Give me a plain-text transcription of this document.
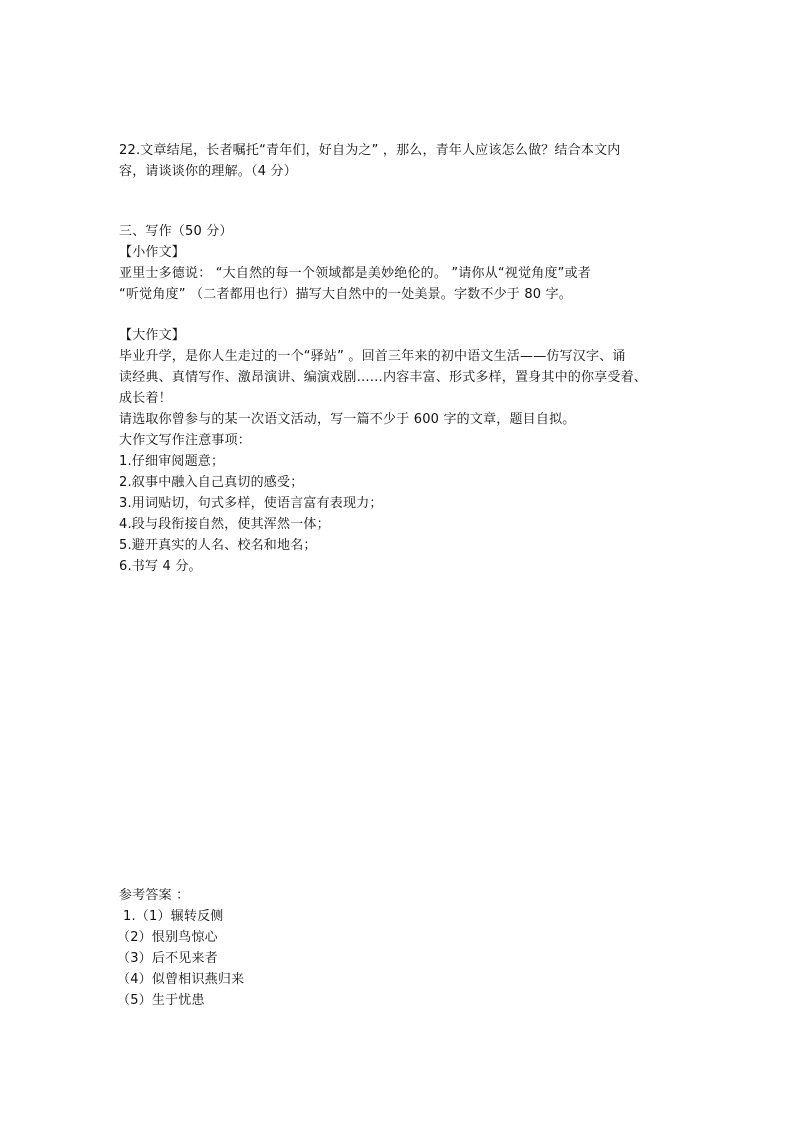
22.文章结尾，长者嘱托“青年们，好自为之” ，那么，青年人应该怎么做？结合本文内
容，请谈谈你的理解。（4 分）
三、写作（50 分）
【小作文】
亚里士多德说： “大自然的每一个领域都是美妙绝伦的。 ”请你从“视觉角度”或者
“听觉角度” （二者都用也行）描写大自然中的一处美景。字数不少于 80 字。
【大作文】
毕业升学，是你人生走过的一个“驿站” 。回首三年来的初中语文生活——仿写汉字、诵
读经典、真情写作、激昂演讲、编演戏剧……内容丰富、形式多样，置身其中的你享受着、
成长着！
请选取你曾参与的某一次语文活动，写一篇不少于 600 字的文章，题目自拟。
大作文写作注意事项：
1.仔细审阅题意；
2.叙事中融入自己真切的感受；
3.用词贴切，句式多样，使语言富有表现力；
4.段与段衔接自然，使其浑然一体；
5.避开真实的人名、校名和地名；
6.书写 4 分。
参考答案 ：
1.（1）辗转反侧
（2）恨别鸟惊心
（3）后不见来者
（4）似曾相识燕归来
（5）生于忧患
